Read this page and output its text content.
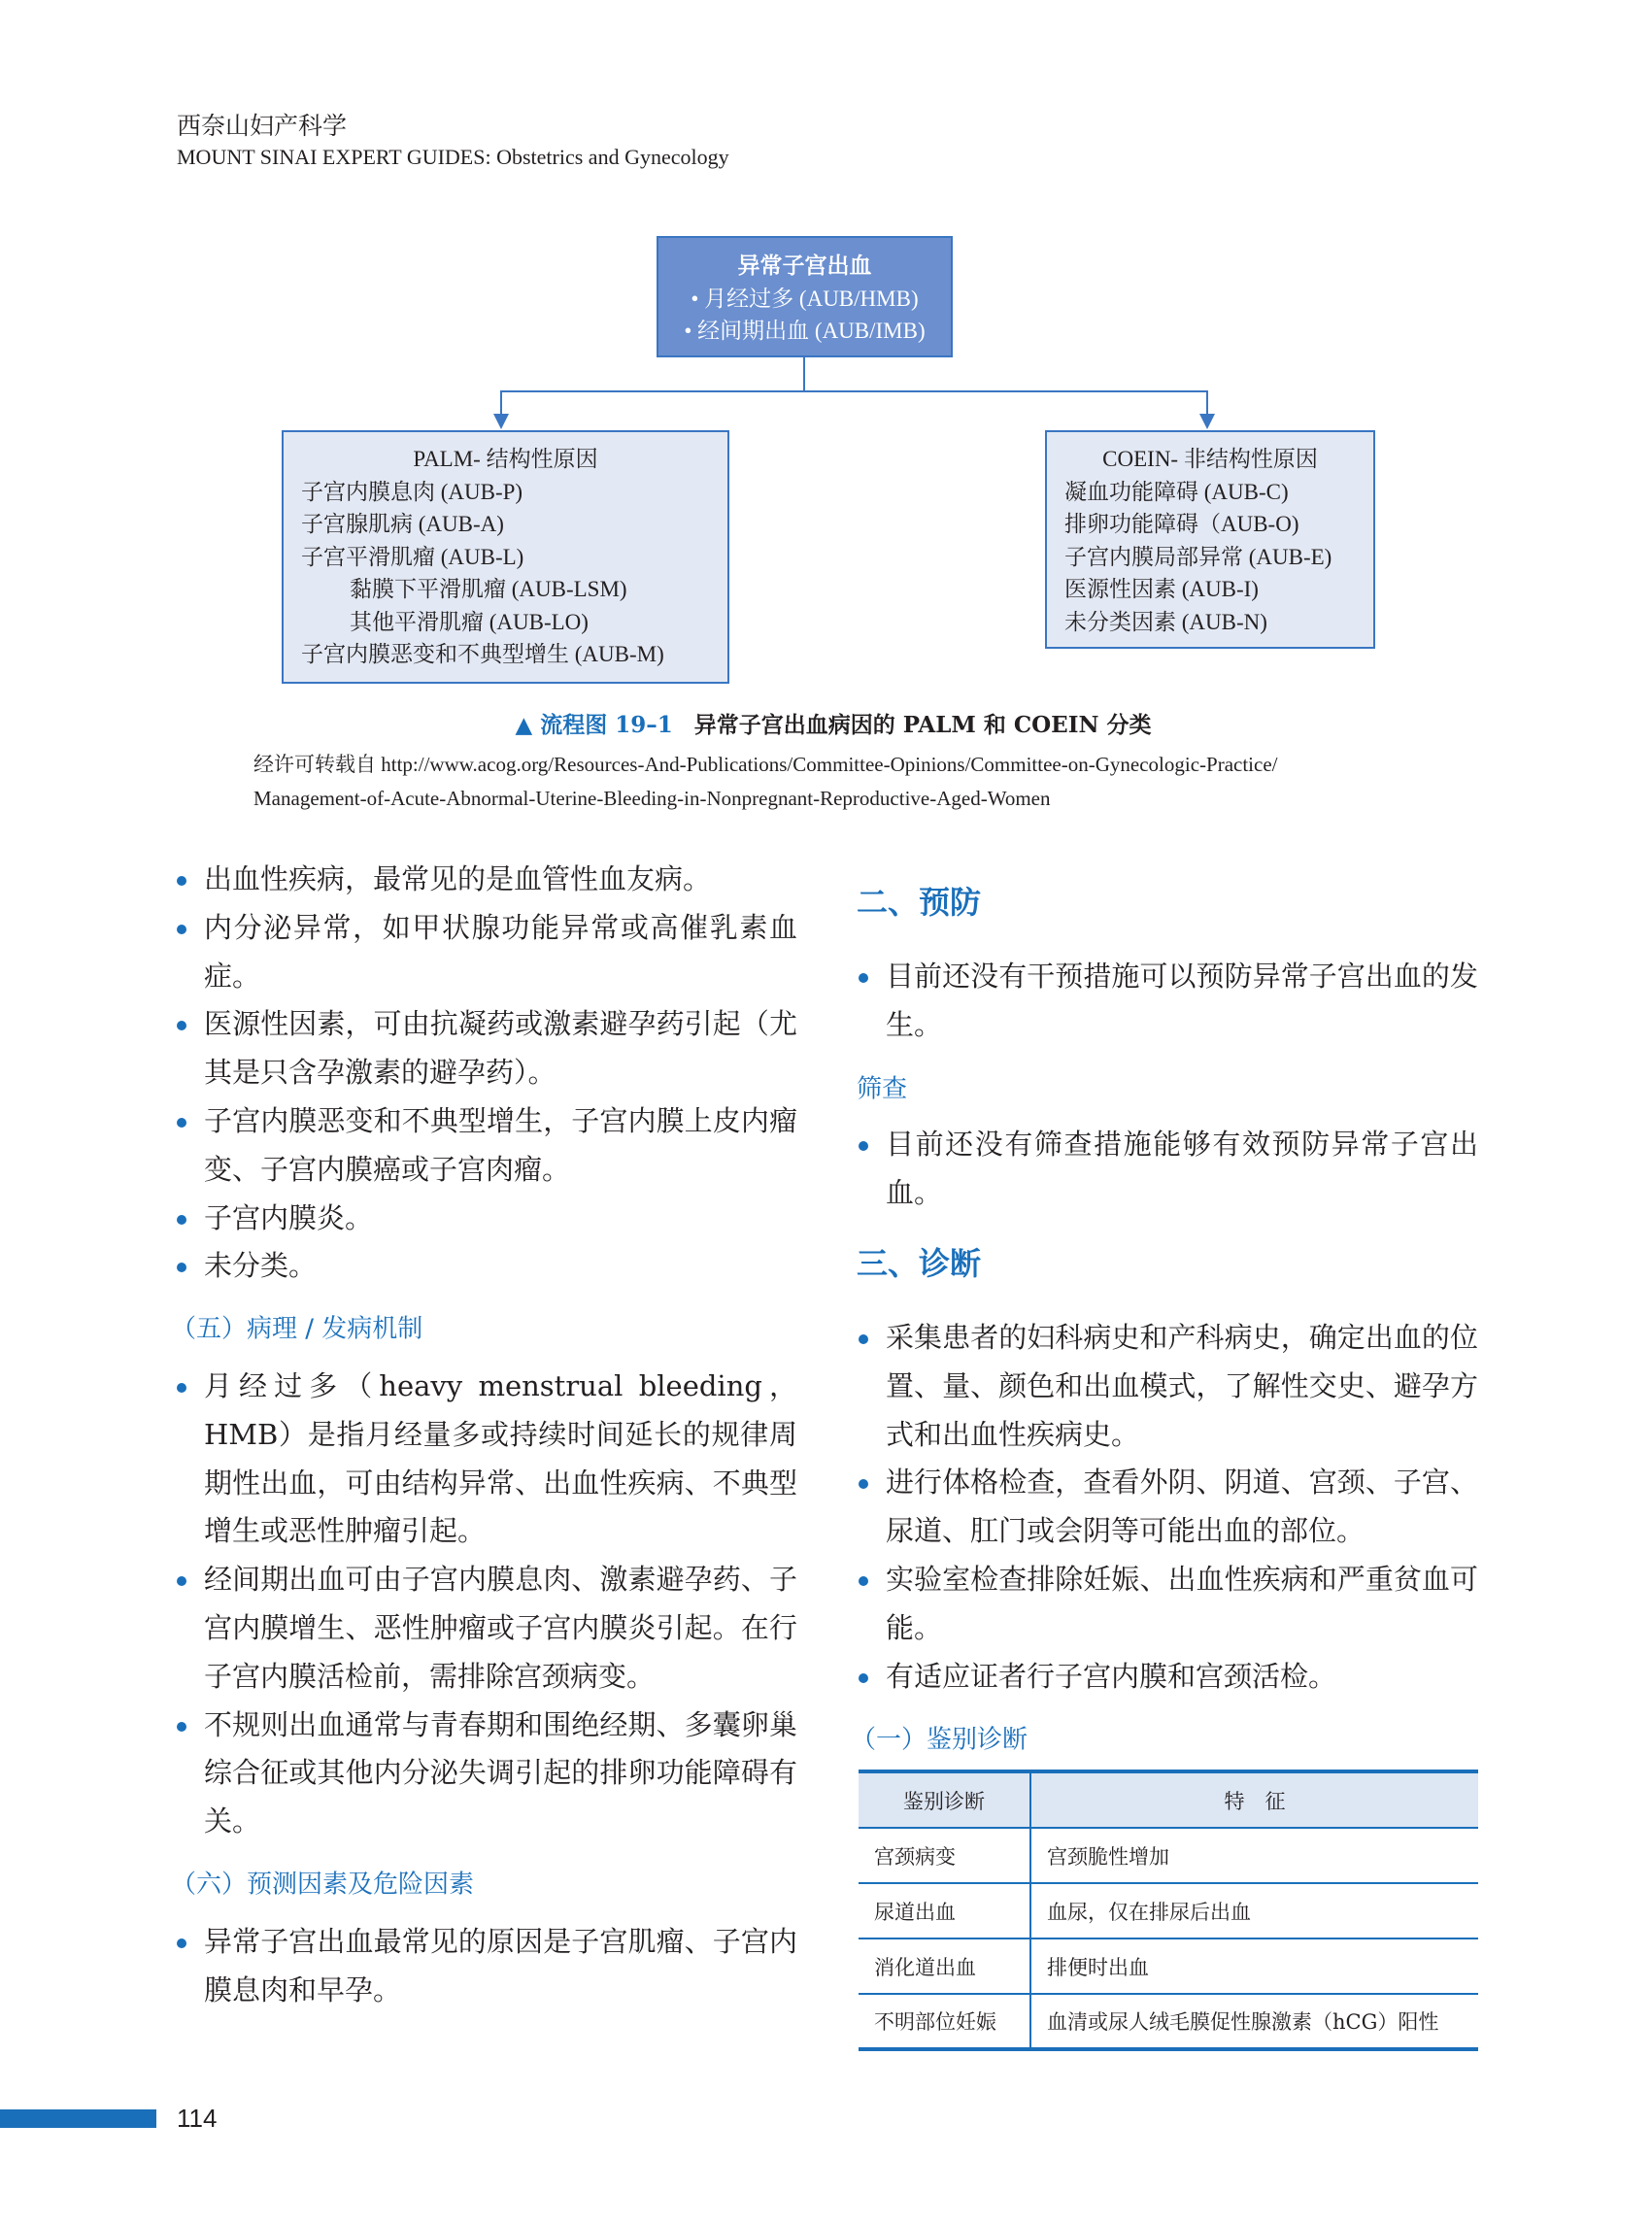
西奈山妇产科学
MOUNT SINAI EXPERT GUIDES: Obstetrics and Gynecology
异常子宫出血
• 月经过多 (AUB/HMB)
• 经间期出血 (AUB/IMB)
PALM- 结构性原因
子宫内膜息肉 (AUB-P)
子宫腺肌病 (AUB-A)
子宫平滑肌瘤 (AUB-L)
黏膜下平滑肌瘤 (AUB-LSM)
其他平滑肌瘤 (AUB-LO)
子宫内膜恶变和不典型增生 (AUB-M)
COEIN- 非结构性原因
凝血功能障碍 (AUB-C)
排卵功能障碍（AUB-O)
子宫内膜局部异常 (AUB-E)
医源性因素 (AUB-I)
未分类因素 (AUB-N)
▲ 流程图 19–1 异常子宫出血病因的 PALM 和 COEIN 分类
经许可转载自 http://www.acog.org/Resources-And-Publications/Committee-Opinions/Committee-on-Gynecologic-Practice/
Management-of-Acute-Abnormal-Uterine-Bleeding-in-Nonpregnant-Reproductive-Aged-Women
出血性疾病，最常见的是血管性血友病。
内分泌异常，如甲状腺功能异常或高催乳素血症。
医源性因素，可由抗凝药或激素避孕药引起（尤其是只含孕激素的避孕药）。
子宫内膜恶变和不典型增生，子宫内膜上皮内瘤变、子宫内膜癌或子宫肉瘤。
子宫内膜炎。
未分类。
（五）病理 / 发病机制
月经过多（heavy menstrual bleeding，HMB）是指月经量多或持续时间延长的规律周期性出血，可由结构异常、出血性疾病、不典型增生或恶性肿瘤引起。
经间期出血可由子宫内膜息肉、激素避孕药、子宫内膜增生、恶性肿瘤或子宫内膜炎引起。在行子宫内膜活检前，需排除宫颈病变。
不规则出血通常与青春期和围绝经期、多囊卵巢综合征或其他内分泌失调引起的排卵功能障碍有关。
（六）预测因素及危险因素
异常子宫出血最常见的原因是子宫肌瘤、子宫内膜息肉和早孕。
二、预防
目前还没有干预措施可以预防异常子宫出血的发生。
筛查
目前还没有筛查措施能够有效预防异常子宫出血。
三、诊断
采集患者的妇科病史和产科病史，确定出血的位置、量、颜色和出血模式，了解性交史、避孕方式和出血性疾病史。
进行体格检查，查看外阴、阴道、宫颈、子宫、尿道、肛门或会阴等可能出血的部位。
实验室检查排除妊娠、出血性疾病和严重贫血可能。
有适应证者行子宫内膜和宫颈活检。
（一）鉴别诊断
鉴别诊断	特　征
宫颈病变	宫颈脆性增加
尿道出血	血尿，仅在排尿后出血
消化道出血	排便时出血
不明部位妊娠	血清或尿人绒毛膜促性腺激素（hCG）阳性
114
